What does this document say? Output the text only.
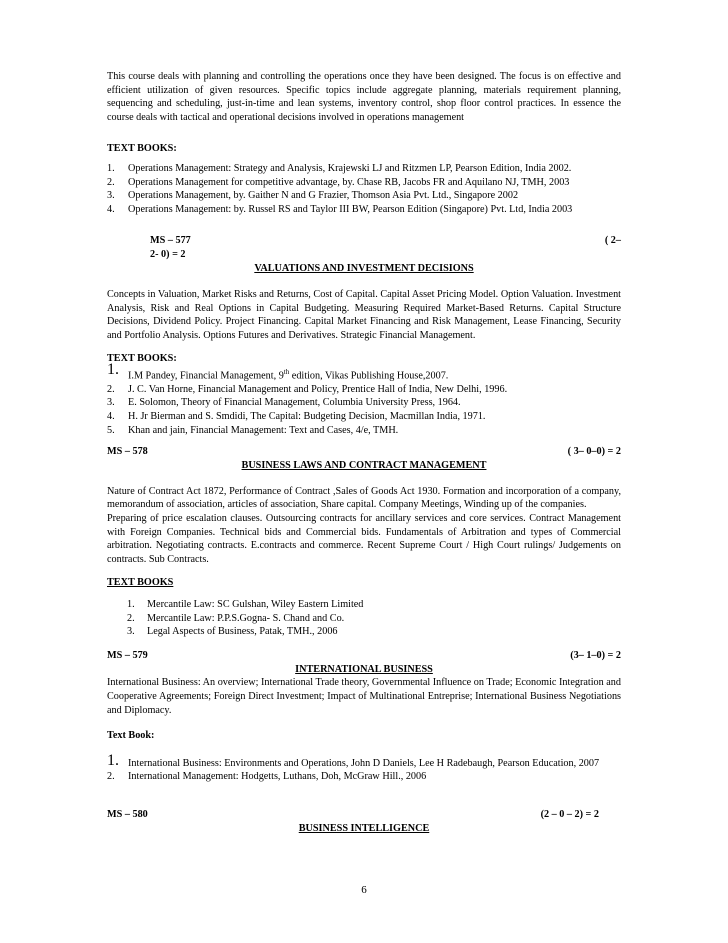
This course deals with planning and controlling the operations once they have been designed. The focus is on effective and efficient utilization of given resources. Specific topics include aggregate planning, materials requirement planning, sequencing and scheduling, just-in-time and lean systems, inventory control, shop floor control practices. In essence the course deals with tactical and operational decisions involved in operations management
TEXT BOOKS:
1. Operations Management: Strategy and Analysis, Krajewski LJ and Ritzmen LP, Pearson Edition, India 2002.
2. Operations Management for competitive advantage, by. Chase RB, Jacobs FR and Aquilano NJ, TMH, 2003
3. Operations Management, by. Gaither N and G Frazier, Thomson Asia Pvt. Ltd., Singapore 2002
4. Operations Management: by. Russel RS and Taylor III BW, Pearson Edition (Singapore) Pvt. Ltd, India 2003
MS – 577	( 2–
2- 0) = 2
VALUATIONS AND INVESTMENT DECISIONS
Concepts in Valuation, Market Risks and Returns, Cost of Capital. Capital Asset Pricing Model. Option Valuation. Investment Analysis, Risk and Real Options in Capital Budgeting. Measuring Required Market-Based Returns. Capital Structure Decisions, Dividend Policy. Project Financing. Capital Market Financing and Risk Management, Lease Financing, Security and Portfolio Analysis. Options Futures and Derivatives. Strategic Financial Management.
TEXT BOOKS:
1. I.M Pandey, Financial Management, 9th edition, Vikas Publishing House,2007.
2. J. C. Van Horne, Financial Management and Policy, Prentice Hall of India, New Delhi, 1996.
3. E. Solomon, Theory of Financial Management, Columbia University Press, 1964.
4. H. Jr Bierman and S. Smdidi, The Capital: Budgeting Decision, Macmillan India, 1971.
5. Khan and jain, Financial Management: Text and Cases, 4/e, TMH.
MS – 578	( 3– 0–0) = 2
BUSINESS LAWS AND CONTRACT MANAGEMENT
Nature of Contract Act 1872, Performance of Contract ,Sales of Goods Act 1930. Formation and incorporation of a company, memorandum of association, articles of association, Share capital. Company Meetings, Winding up of the companies.
Preparing of price escalation clauses. Outsourcing contracts for ancillary services and core services. Contract Management with Foreign Companies. Technical bids and Commercial bids. Fundamentals of Arbitration and types of Commercial arbitration. Negotiating contracts. E.contracts and commerce. Recent Supreme Court / High Court rulings/ Judgements on contracts. Sub Contracts.
TEXT BOOKS
1. Mercantile Law: SC Gulshan, Wiley Eastern Limited
2. Mercantile Law: P.P.S.Gogna- S. Chand and Co.
3. Legal Aspects of Business, Patak, TMH., 2006
MS – 579	(3– 1–0) = 2
INTERNATIONAL BUSINESS
International Business: An overview; International Trade theory, Governmental Influence on Trade; Economic Integration and Cooperative Agreements; Foreign Direct Investment; Impact of Multinational Entreprise; International Business Negotiations and Diplomacy.
Text Book:
1. International Business: Environments and Operations, John D Daniels, Lee H Radebaugh, Pearson Education, 2007
2. International Management: Hodgetts, Luthans, Doh, McGraw Hill., 2006
MS – 580	(2 – 0 – 2) = 2
BUSINESS INTELLIGENCE
6
